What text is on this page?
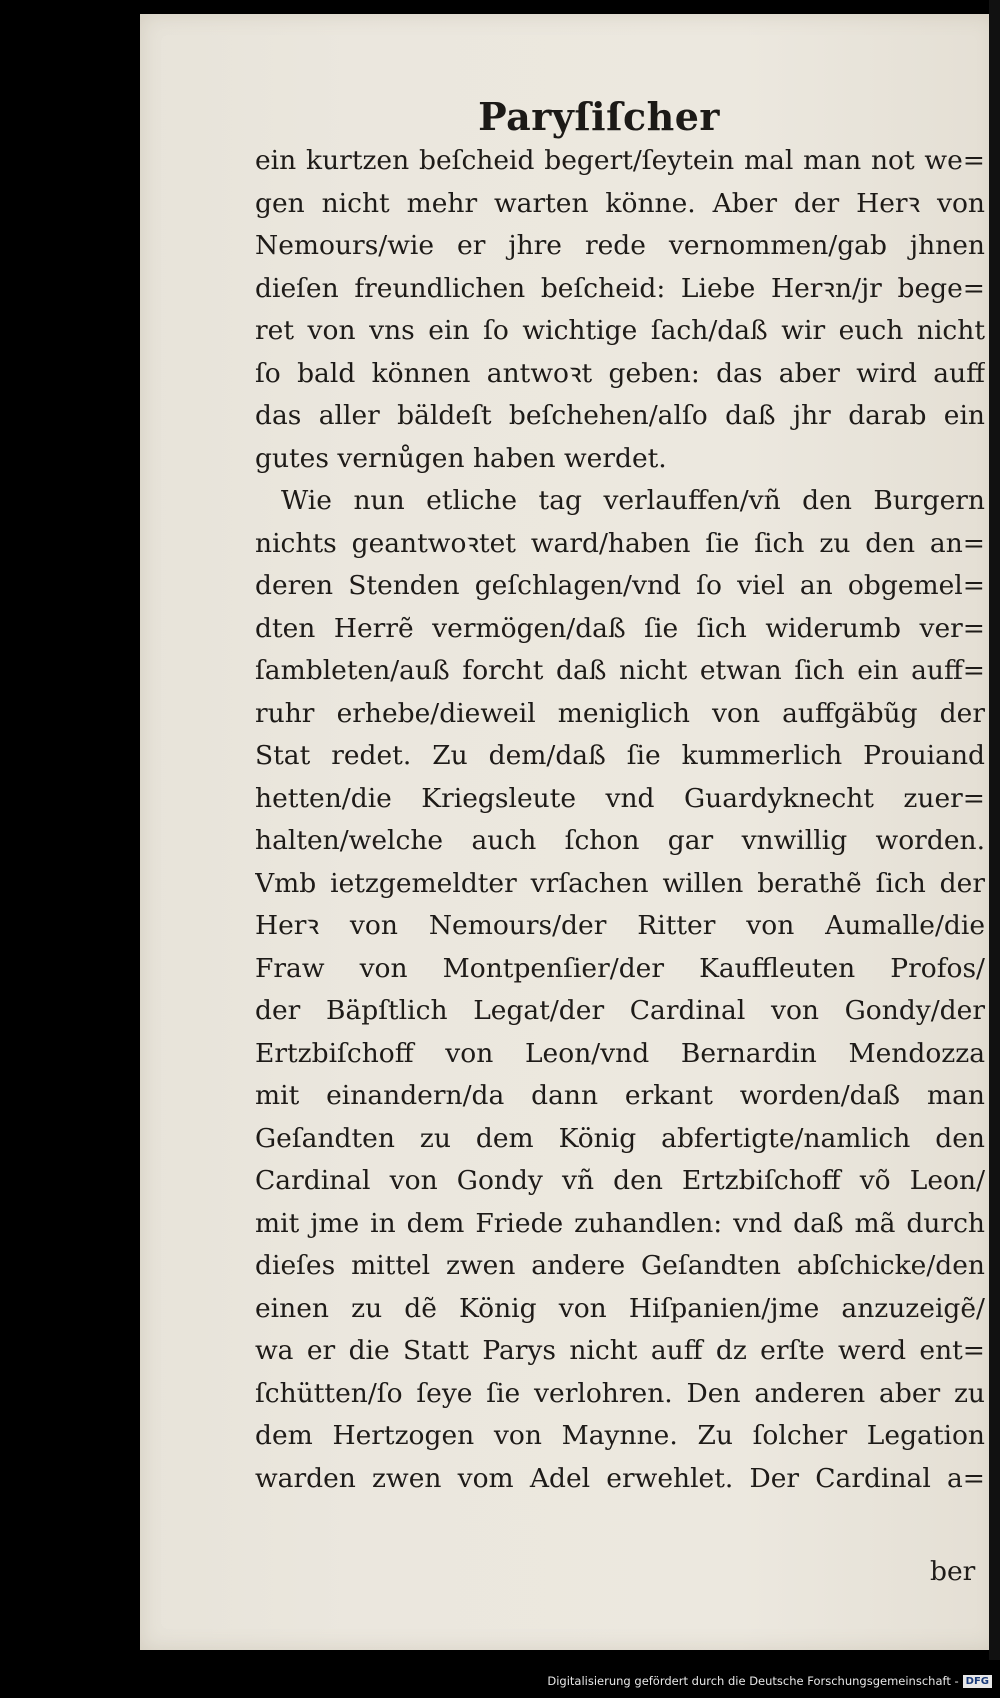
Paryſiſcher
ein kurtzen beſcheid begert/ſeytein mal man not we=
gen nicht mehr warten könne. Aber der Herꝛ von
Nemours/wie er jhre rede vernommen/gab jhnen
dieſen freundlichen beſcheid: Liebe Herꝛn/jr bege=
ret von vns ein ſo wichtige ſach/daß wir euch nicht
ſo bald können antwoꝛt geben: das aber wird auff
das aller bäldeſt beſchehen/alſo daß jhr darab ein
gutes vernůgen haben werdet.
Wie nun etliche tag verlauffen/vñ den Burgern
nichts geantwoꝛtet ward/haben ſie ſich zu den an=
deren Stenden geſchlagen/vnd ſo viel an obgemel=
dten Herrẽ vermögen/daß ſie ſich widerumb ver=
ſambleten/auß forcht daß nicht etwan ſich ein auff=
ruhr erhebe/dieweil meniglich von auffgäbũg der
Stat redet. Zu dem/daß ſie kummerlich Prouiand
hetten/die Kriegsleute vnd Guardyknecht zuer=
halten/welche auch ſchon gar vnwillig worden.
Vmb ietzgemeldter vrſachen willen berathẽ ſich der
Herꝛ von Nemours/der Ritter von Aumalle/die
Fraw von Montpenſier/der Kauffleuten Profos/
der Bäpſtlich Legat/der Cardinal von Gondy/der
Ertzbiſchoff von Leon/vnd Bernardin Mendozza
mit einandern/da dann erkant worden/daß man
Geſandten zu dem König abfertigte/namlich den
Cardinal von Gondy vñ den Ertzbiſchoff võ Leon/
mit jme in dem Friede zuhandlen: vnd daß mã durch
dieſes mittel zwen andere Geſandten abſchicke/den
einen zu dẽ König von Hiſpanien/jme anzuzeigẽ/
wa er die Statt Parys nicht auff dz erſte werd ent=
ſchütten/ſo ſeye ſie verlohren. Den anderen aber zu
dem Hertzogen von Maynne. Zu ſolcher Legation
warden zwen vom Adel erwehlet. Der Cardinal a=
ber
Digitalisierung gefördert durch die Deutsche Forschungsgemeinschaft - DFG
